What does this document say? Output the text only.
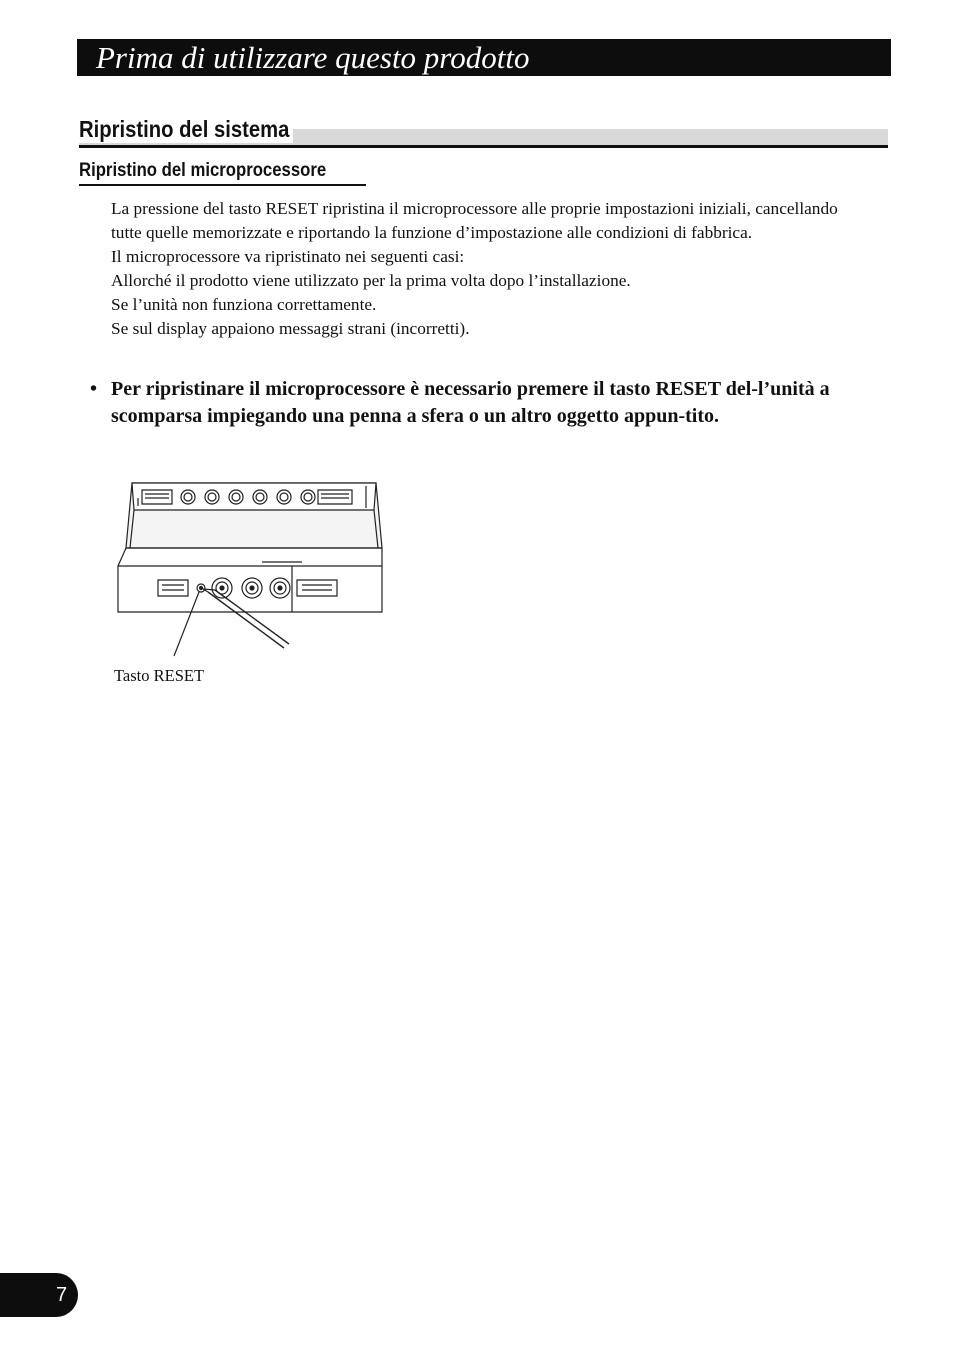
Prima di utilizzare questo prodotto
Ripristino del sistema
Ripristino del microprocessore

La pressione del tasto RESET ripristina il microprocessore alle proprie impostazioni iniziali, cancellando tutte quelle memorizzate e riportando la funzione d’impostazione alle condizioni di fabbrica.

Il microprocessore va ripristinato nei seguenti casi:

Allorché il prodotto viene utilizzato per la prima volta dopo l’installazione.

Se l’unità non funziona correttamente.

Se sul display appaiono messaggi strani (incorretti).

• Per ripristinare il microprocessore è necessario premere il tasto RESET del-l’unità a scomparsa impiegando una penna a sfera o un altro oggetto appun-tito.
Tasto RESET
7
